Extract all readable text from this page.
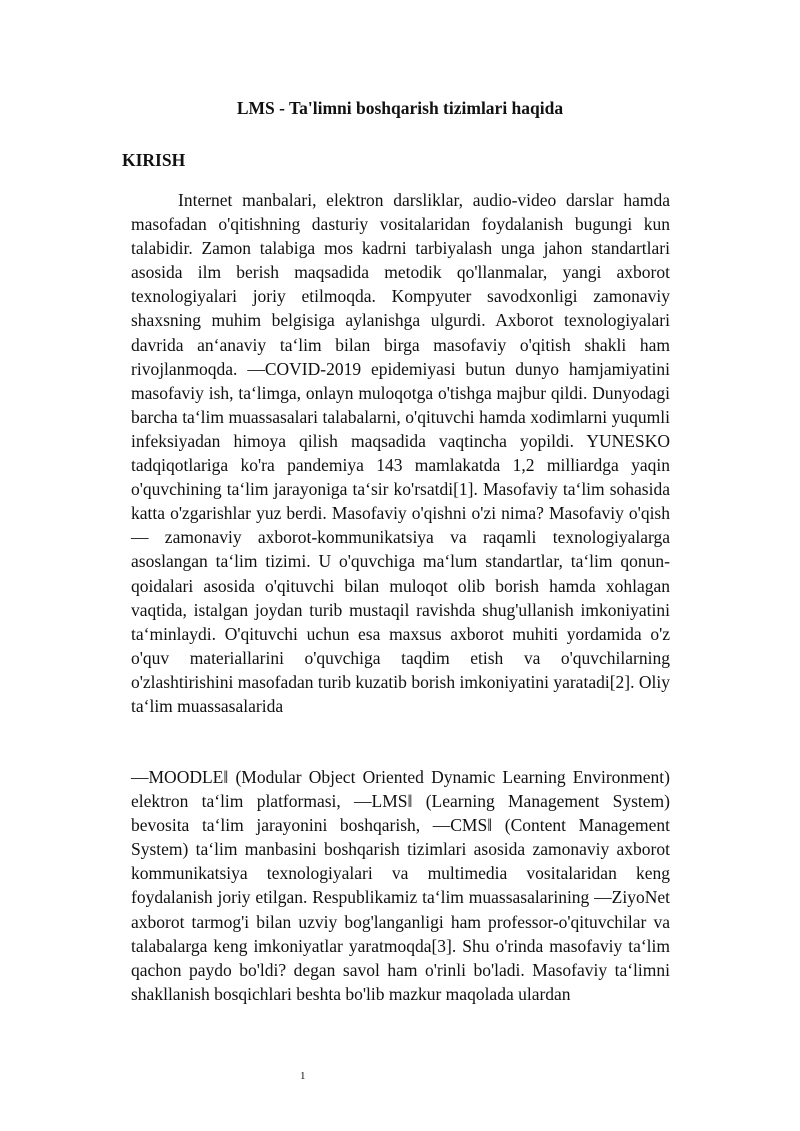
LMS - Ta'limni boshqarish tizimlari haqida
KIRISH

Internet manbalari, elektron darsliklar, audio-video darslar hamda masofadan o'qitishning dasturiy vositalaridan foydalanish bugungi kun talabidir. Zamon talabiga mos kadrni tarbiyalash unga jahon standartlari asosida ilm berish maqsadida metodik qo'llanmalar, yangi axborot texnologiyalari joriy etilmoqda. Kompyuter savodxonligi zamonaviy shaxsning muhim belgisiga aylanishga ulgurdi. Axborot texnologiyalari davrida an‘anaviy ta‘lim bilan birga masofaviy o'qitish shakli ham rivojlanmoqda. ―COVID-2019 epidemiyasi butun dunyo hamjamiyatini masofaviy ish, ta‘limga, onlayn muloqotga o'tishga majbur qildi. Dunyodagi barcha ta‘lim muassasalari talabalarni, o'qituvchi hamda xodimlarni yuqumli infeksiyadan himoya qilish maqsadida vaqtincha yopildi. YUNESKO tadqiqotlariga ko'ra pandemiya 143 mamlakatda 1,2 milliardga yaqin o'quvchining ta‘lim jarayoniga ta‘sir ko'rsatdi[1]. Masofaviy ta‘lim sohasida katta o'zgarishlar yuz berdi. Masofaviy o'qishni o'zi nima? Masofaviy o'qish — zamonaviy axborot-kommunikatsiya va raqamli texnologiyalarga asoslangan ta‘lim tizimi. U o'quvchiga ma‘lum standartlar, ta‘lim qonun-qoidalari asosida o'qituvchi bilan muloqot olib borish hamda xohlagan vaqtida, istalgan joydan turib mustaqil ravishda shug'ullanish imkoniyatini ta‘minlaydi. O'qituvchi uchun esa maxsus axborot muhiti yordamida o'z o'quv materiallarini o'quvchiga taqdim etish va o'quvchilarning o'zlashtirishini masofadan turib kuzatib borish imkoniyatini yaratadi[2]. Oliy ta‘lim muassasalarida

―MOODLE‖ (Modular Object Oriented Dynamic Learning Environment) elektron ta‘lim platformasi, ―LMS‖ (Learning Management System) bevosita ta‘lim jarayonini boshqarish, ―CMS‖ (Content Management System) ta‘lim manbasini boshqarish tizimlari asosida zamonaviy axborot kommunikatsiya texnologiyalari va multimedia vositalaridan keng foydalanish joriy etilgan. Respublikamiz ta‘lim muassasalarining ―ZiyoNet axborot tarmog'i bilan uzviy bog'langanligi ham professor-o'qituvchilar va talabalarga keng imkoniyatlar yaratmoqda[3]. Shu o'rinda masofaviy ta‘lim qachon paydo bo'ldi? degan savol ham o'rinli bo'ladi. Masofaviy ta‘limni shakllanish bosqichlari beshta bo'lib mazkur maqolada ulardan

1
